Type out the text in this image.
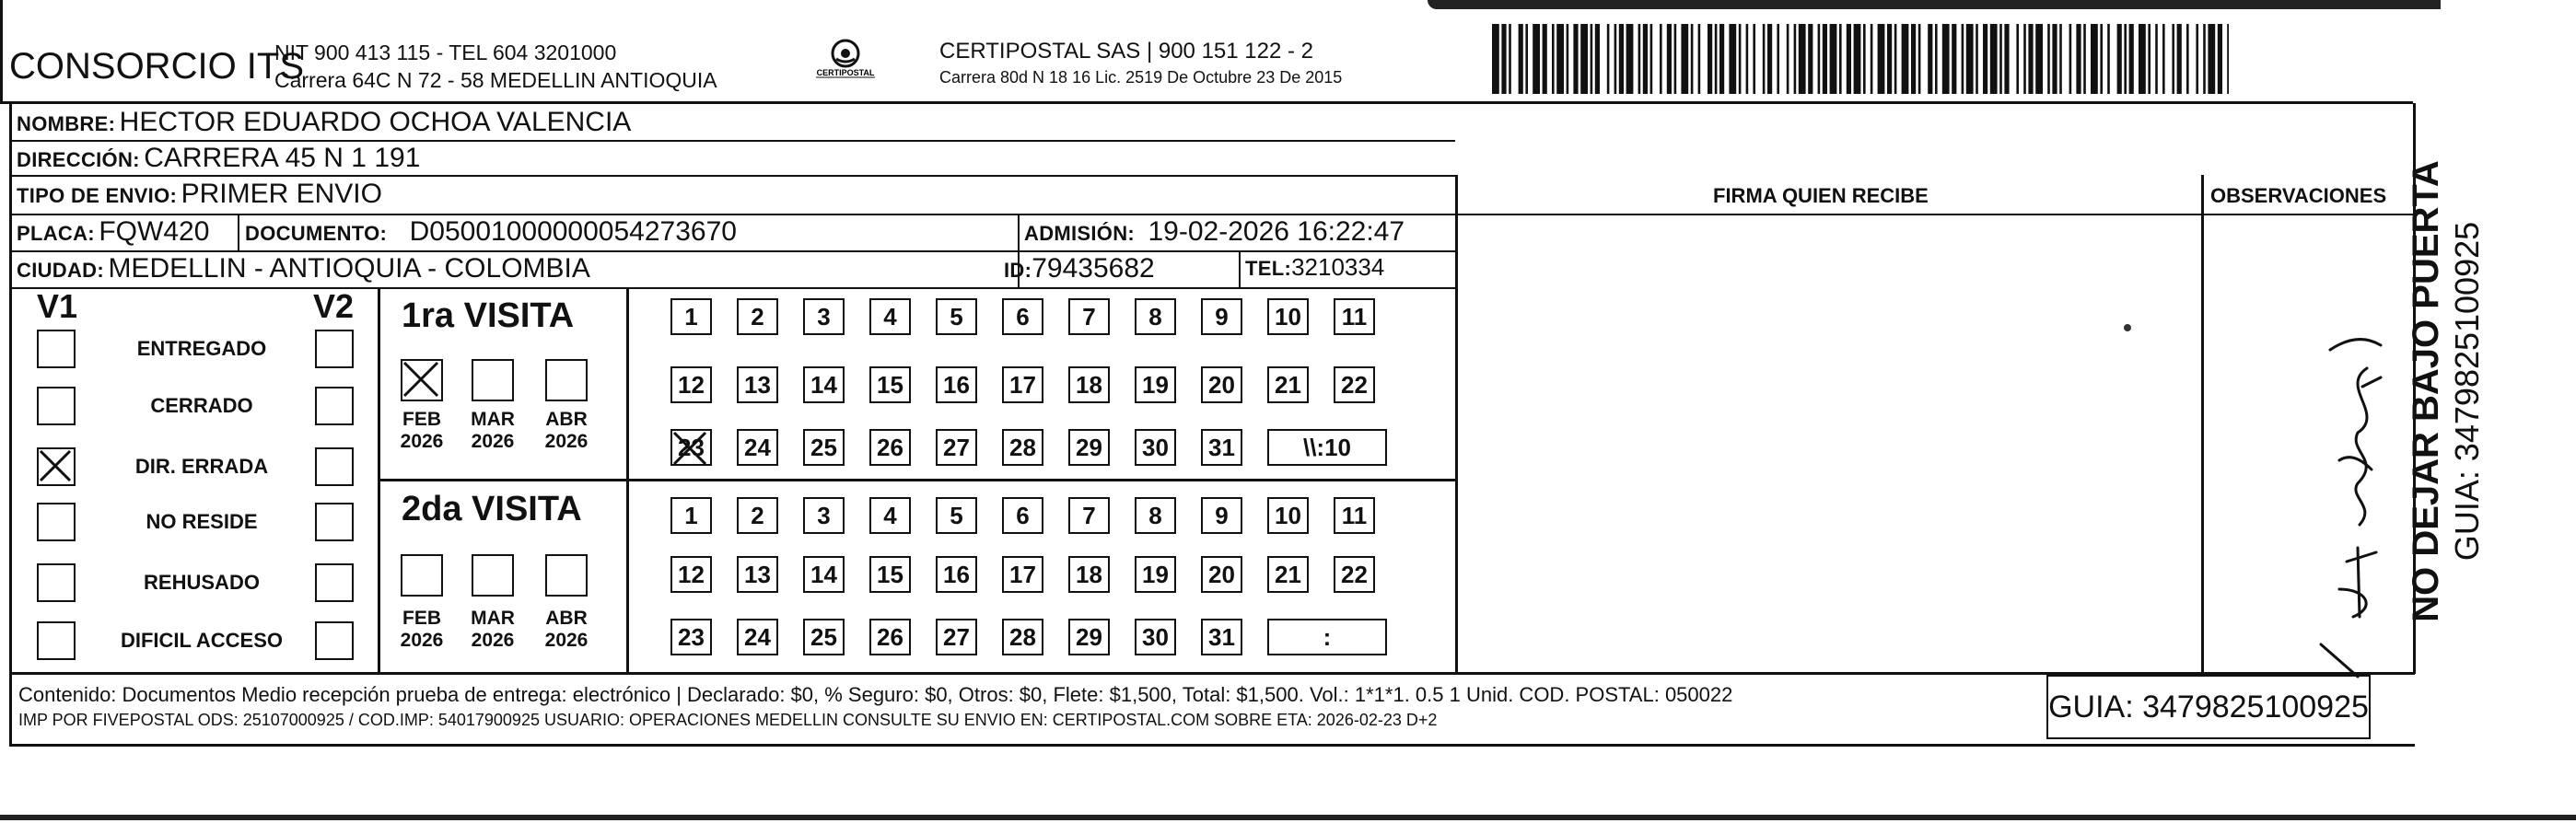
CONSORCIO ITS
NIT 900 413 115 - TEL 604 3201000
Carrera 64C N 72 - 58 MEDELLIN ANTIOQUIA	CERTIPOSTAL
CERTIPOSTAL SAS | 900 151 122 - 2
Carrera 80d N 18 16 Lic. 2519 De Octubre 23 De 2015
NOMBRE: HECTOR EDUARDO OCHOA VALENCIA
DIRECCIÓN: CARRERA 45 N 1 191
TIPO DE ENVIO: PRIMER ENVIO	FIRMA QUIEN RECIBE	OBSERVACIONES
PLACA: FQW420 DOCUMENTO: D05001000000054273670	ADMISIÓN: 19-02-2026 16:22:47
CIUDAD: MEDELLIN - ANTIOQUIA - COLOMBIA	ID:79435682	TEL:3210334
V1	V2
ENTREGADO
CERRADO
DIR. ERRADA
NO RESIDE
REHUSADO
DIFICIL ACCESO
1ra VISITA
FEB
2026
MAR
2026
ABR
2026
1	2	3	4	5	6	7	8	9	10	11
12	13	14	15	16	17	18	19	20	21	22
23	24	25	26	27	28	29	30	31	\\:10
2da VISITA
FEB
2026
MAR
2026
ABR
2026
1	2	3	4	5	6	7	8	9	10	11
12	13	14	15	16	17	18	19	20	21	22
23	24	25	26	27	28	29	30	31	:
NO DEJAR BAJO PUERTA GUIA: 3479825100925
Contenido: Documentos Medio recepción prueba de entrega: electrónico | Declarado: $0, % Seguro: $0, Otros: $0, Flete: $1,500, Total: $1,500. Vol.: 1*1*1. 0.5 1 Unid. COD. POSTAL: 050022
IMP POR FIVEPOSTAL ODS: 25107000925 / COD.IMP: 54017900925 USUARIO: OPERACIONES MEDELLIN CONSULTE SU ENVIO EN: CERTIPOSTAL.COM SOBRE ETA: 2026-02-23 D+2	GUIA: 3479825100925
